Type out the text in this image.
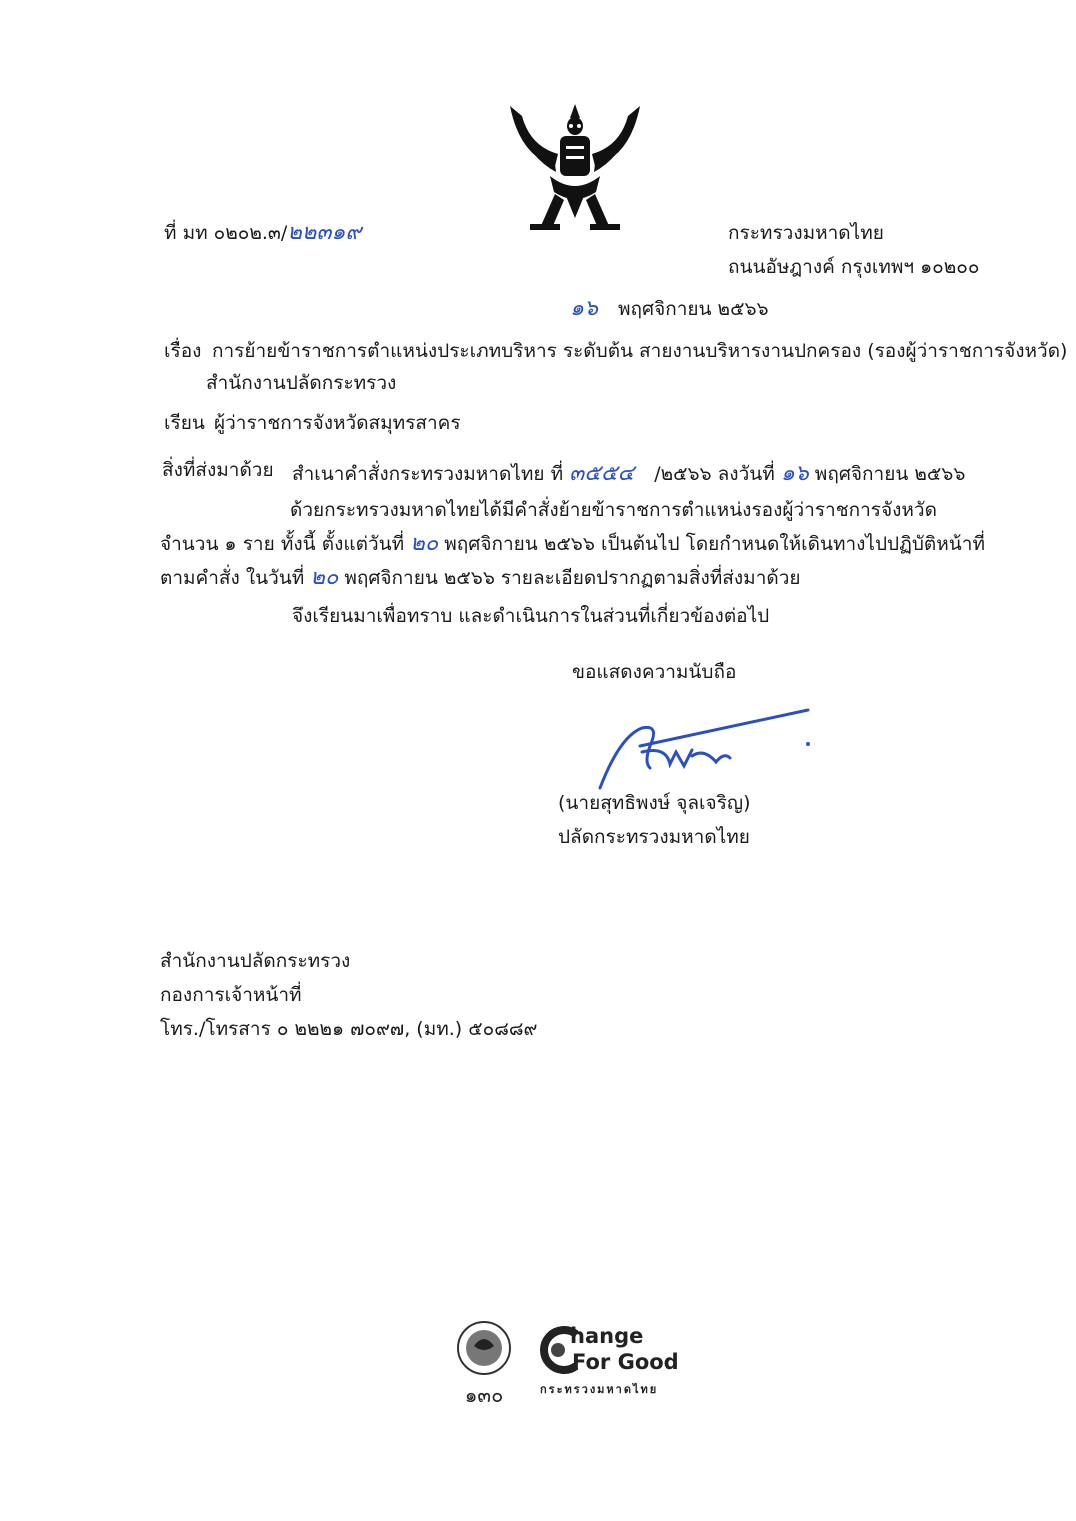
ที่ มท ๐๒๐๒.๓/๒๒๓๑๙	กระทรวงมหาดไทย
ถนนอัษฎางค์ กรุงเทพฯ ๑๐๒๐๐
๑๖ พฤศจิกายน ๒๕๖๖
เรื่อง การย้ายข้าราชการตำแหน่งประเภทบริหาร ระดับต้น สายงานบริหารงานปกครอง (รองผู้ว่าราชการจังหวัด)
สำนักงานปลัดกระทรวง
เรียน ผู้ว่าราชการจังหวัดสมุทรสาคร
สิ่งที่ส่งมาด้วย สำเนาคำสั่งกระทรวงมหาดไทย ที่ ๓๕๕๔ /๒๕๖๖ ลงวันที่ ๑๖ พฤศจิกายน ๒๕๖๖
ด้วยกระทรวงมหาดไทยได้มีคำสั่งย้ายข้าราชการตำแหน่งรองผู้ว่าราชการจังหวัด จำนวน ๑ ราย ทั้งนี้ ตั้งแต่วันที่ ๒๐ พฤศจิกายน ๒๕๖๖ เป็นต้นไป โดยกำหนดให้เดินทางไปปฏิบัติหน้าที่ตามคำสั่ง ในวันที่ ๒๐ พฤศจิกายน ๒๕๖๖ รายละเอียดปรากฏตามสิ่งที่ส่งมาด้วย
จึงเรียนมาเพื่อทราบ และดำเนินการในส่วนที่เกี่ยวข้องต่อไป
ขอแสดงความนับถือ
(นายสุทธิพงษ์ จุลเจริญ)
ปลัดกระทรวงมหาดไทย
สำนักงานปลัดกระทรวง
กองการเจ้าหน้าที่
โทร./โทรสาร ๐ ๒๒๒๑ ๗๐๙๗, (มท.) ๕๐๘๘๙
๑๓๐
hange
For Good
กระทรวงมหาดไทย
